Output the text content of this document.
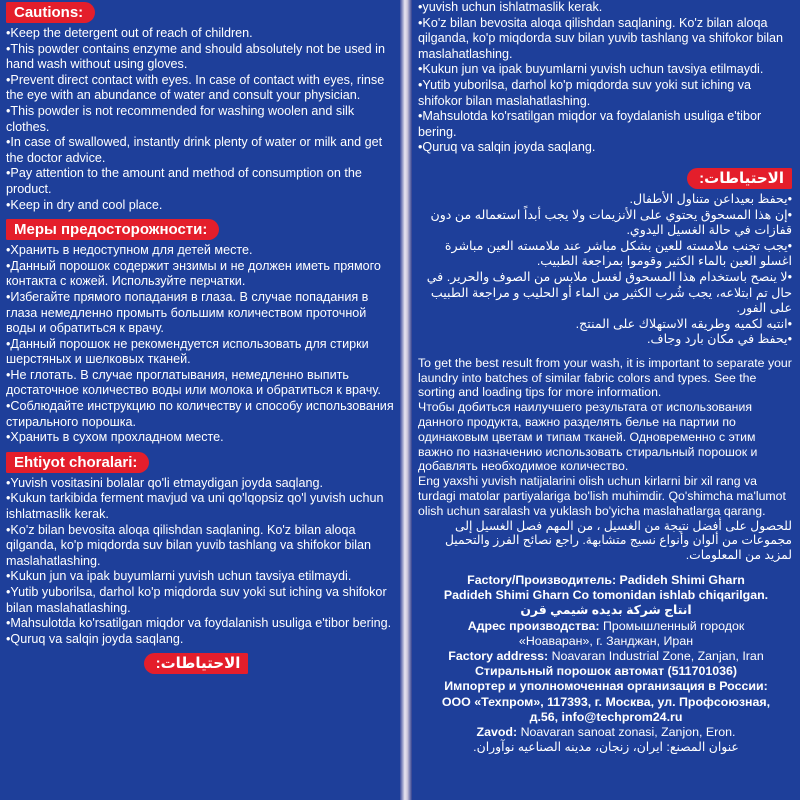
Cautions:
• Keep the detergent out of reach of children.
• This powder contains enzyme and should absolutely not be used in hand wash without using gloves.
• Prevent direct contact with eyes. In case of contact with eyes, rinse the eye with an abundance of water and consult your physician.
• This powder is not recommended for washing woolen and silk clothes.
• In case of swallowed, instantly drink plenty of water or milk and get the doctor advice.
• Pay attention to the amount and method of consumption on the product.
• Keep in dry and cool place.
Меры предосторожности:
• Хранить в недоступном для детей месте.
• Данный порошок содержит энзимы и не должен иметь прямого контакта с кожей. Используйте перчатки.
• Избегайте прямого попадания в глаза. В случае попадания в глаза немедленно промыть большим количеством проточной воды и обратиться к врачу.
• Данный порошок не рекомендуется использовать для стирки шерстяных и шелковых тканей.
• Не глотать. В случае проглатывания, немедленно выпить достаточное количество воды или молока и обратиться к врачу.
• Соблюдайте инструкцию по количеству и способу использования стирального порошка.
• Хранить в сухом прохладном месте.
Ehtiyot choralari:
• Yuvish vositasini bolalar qo'li etmaydigan joyda saqlang.
• Kukun tarkibida ferment mavjud va uni qo'lqopsiz qo'l yuvish uchun ishlatmaslik kerak.
• Ko'z bilan bevosita aloqa qilishdan saqlaning. Ko'z bilan aloqa qilganda, ko'p miqdorda suv bilan yuvib tashlang va shifokor bilan maslahatlashing.
• Kukun jun va ipak buyumlarni yuvish uchun tavsiya etilmaydi.
• Yutib yuborilsa, darhol ko'p miqdorda suv yoki sut iching va shifokor bilan maslahatlashing.
• Mahsulotda ko'rsatilgan miqdor va foydalanish usuliga e'tibor bering.
• Quruq va salqin joyda saqlang.
الاحتياطات:
• yuvish uchun ishlatmaslik kerak.
• Ko'z bilan bevosita aloqa qilishdan saqlaning. Ko'z bilan aloqa qilganda, ko'p miqdorda suv bilan yuvib tashlang va shifokor bilan maslahatlashing.
• Kukun jun va ipak buyumlarni yuvish uchun tavsiya etilmaydi.
• Yutib yuborilsa, darhol ko'p miqdorda suv yoki sut iching va shifokor bilan maslahatlashing.
• Mahsulotda ko'rsatilgan miqdor va foydalanish usuliga e'tibor bering.
• Quruq va salqin joyda saqlang.
الاحتياطات:
• يحفظ بعيداعن متناول الأطفال.
• إن هذا المسحوق يحتوي على الأنزيمات ولا يجب أبداً استعماله من دون قفازات في حالة الغسيل اليدوي.
• يجب تجنب ملامسته للعين بشكل مباشر عند ملامسته العين مباشرة اغسلو العين بالماء الكثير وقوموا بمراجعة الطبيب.
• لا ينصح باستخدام هذا المسحوق لغسل ملابس من الصوف والحرير. في حال تم ابتلاعه، يجب شُرب الكثير من الماء أو الحليب و مراجعة الطبيب على الفور.
• انتبه لكميه وطريقه الاستهلاك على المنتج.
• يحفظ في مكان بارد وجاف.

To get the best result from your wash, it is important to separate your laundry into batches of similar fabric colors and types. See the sorting and loading tips for more information.

Чтобы добиться наилучшего результата от использования данного продукта, важно разделять белье на партии по одинаковым цветам и типам тканей. Одновременно с этим важно по назначению использовать стиральный порошок и добавлять необходимое количество.

Eng yaxshi yuvish natijalarini olish uchun kirlarni bir xil rang va turdagi matolar partiyalariga bo'lish muhimdir. Qo'shimcha ma'lumot olish uchun saralash va yuklash bo'yicha maslahatlarga qarang.

للحصول على أفضل نتيجة من الغسيل ، من المهم فصل الغسيل إلى مجموعات من ألوان وأنواع نسيج متشابهة. راجع نصائح الفرز والتحميل لمزيد من المعلومات.

Factory/Производитель: Padideh Shimi Gharn
Padideh Shimi Gharn Co tomonidan ishlab chiqarilgan.
انتاج شركة بديده شيمي قرن
Адрес производства: Промышленный городок
«Ноаваран», г. Занджан, Иран
Factory address: Noavaran Industrial Zone, Zanjan, Iran
Стиральный порошок автомат (511701036)
Импортер и уполномоченная организация в России:
ООО «Техпром», 117393, г. Москва, ул. Профсоюзная,
д.56, info@techprom24.ru
Zavod: Noavaran sanoat zonasi, Zanjon, Eron.
عنوان المصنع: ایران، زنجان، مدینه الصناعیه نوآوران.
